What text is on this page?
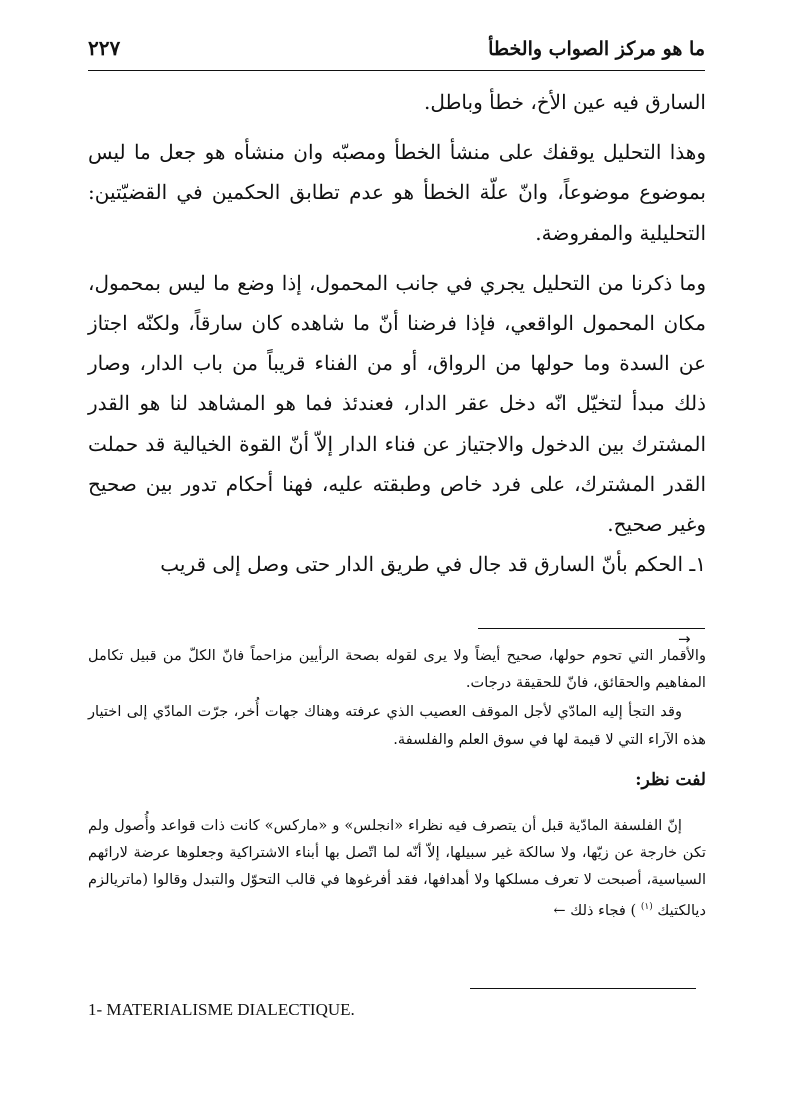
ما هو مركز الصواب والخطأ
٢٢٧

السارق فيه عين الأخ، خطأ وباطل.

وهذا التحليل يوقفك على منشأ الخطأ ومصبّه وان منشأه هو جعل ما ليس بموضوع موضوعاً، وانّ علّة الخطأ هو عدم تطابق الحكمين في القضيّتين: التحليلية والمفروضة.

وما ذكرنا من التحليل يجري في جانب المحمول، إذا وضع ما ليس بمحمول، مكان المحمول الواقعي، فإذا فرضنا أنّ ما شاهده كان سارقاً، ولكنّه اجتاز عن السدة وما حولها من الرواق، أو من الفناء قريباً من باب الدار، وصار ذلك مبدأ لتخيّل انّه دخل عقر الدار، فعندئذ فما هو المشاهد لنا هو القدر المشترك بين الدخول والاجتياز عن فناء الدار إلاّ أنّ القوة الخيالية قد حملت القدر المشترك، على فرد خاص وطبقته عليه، فهنا أحكام تدور بين صحيح وغير صحيح.

١ـ الحكم بأنّ السارق قد جال في طريق الدار حتى وصل إلى قريب

→

والأقمار التي تحوم حولها، صحيح أيضاً ولا يرى لقوله بصحة الرأيين مزاحماً فانّ الكلّ من قبيل تكامل المفاهيم والحقائق، فانّ للحقيقة درجات.

وقد التجأ إليه المادّي لأجل الموقف العصيب الذي عرفته وهناك جهات أُخر، جرّت المادّي إلى اختيار هذه الآراء التي لا قيمة لها في سوق العلم والفلسفة.

لفت نظر:

إنّ الفلسفة المادّية قبل أن يتصرف فيه نظراء «انجلس» و «ماركس» كانت ذات قواعد وأُصول ولم تكن خارجة عن زيّها، ولا سالكة غير سبيلها، إلاّ أنّه لما اتّصل بها أبناء الاشتراكية وجعلوها عرضة لارائهم السياسية، أصبحت لا تعرف مسلكها ولا أهدافها، فقد أفرغوها في قالب التحوّل والتبدل وقالوا (ماتريالزم ديالكتيك $^{(١)}$ ) فجاء ذلك ←

1- MATERIALISME DIALECTIQUE.
